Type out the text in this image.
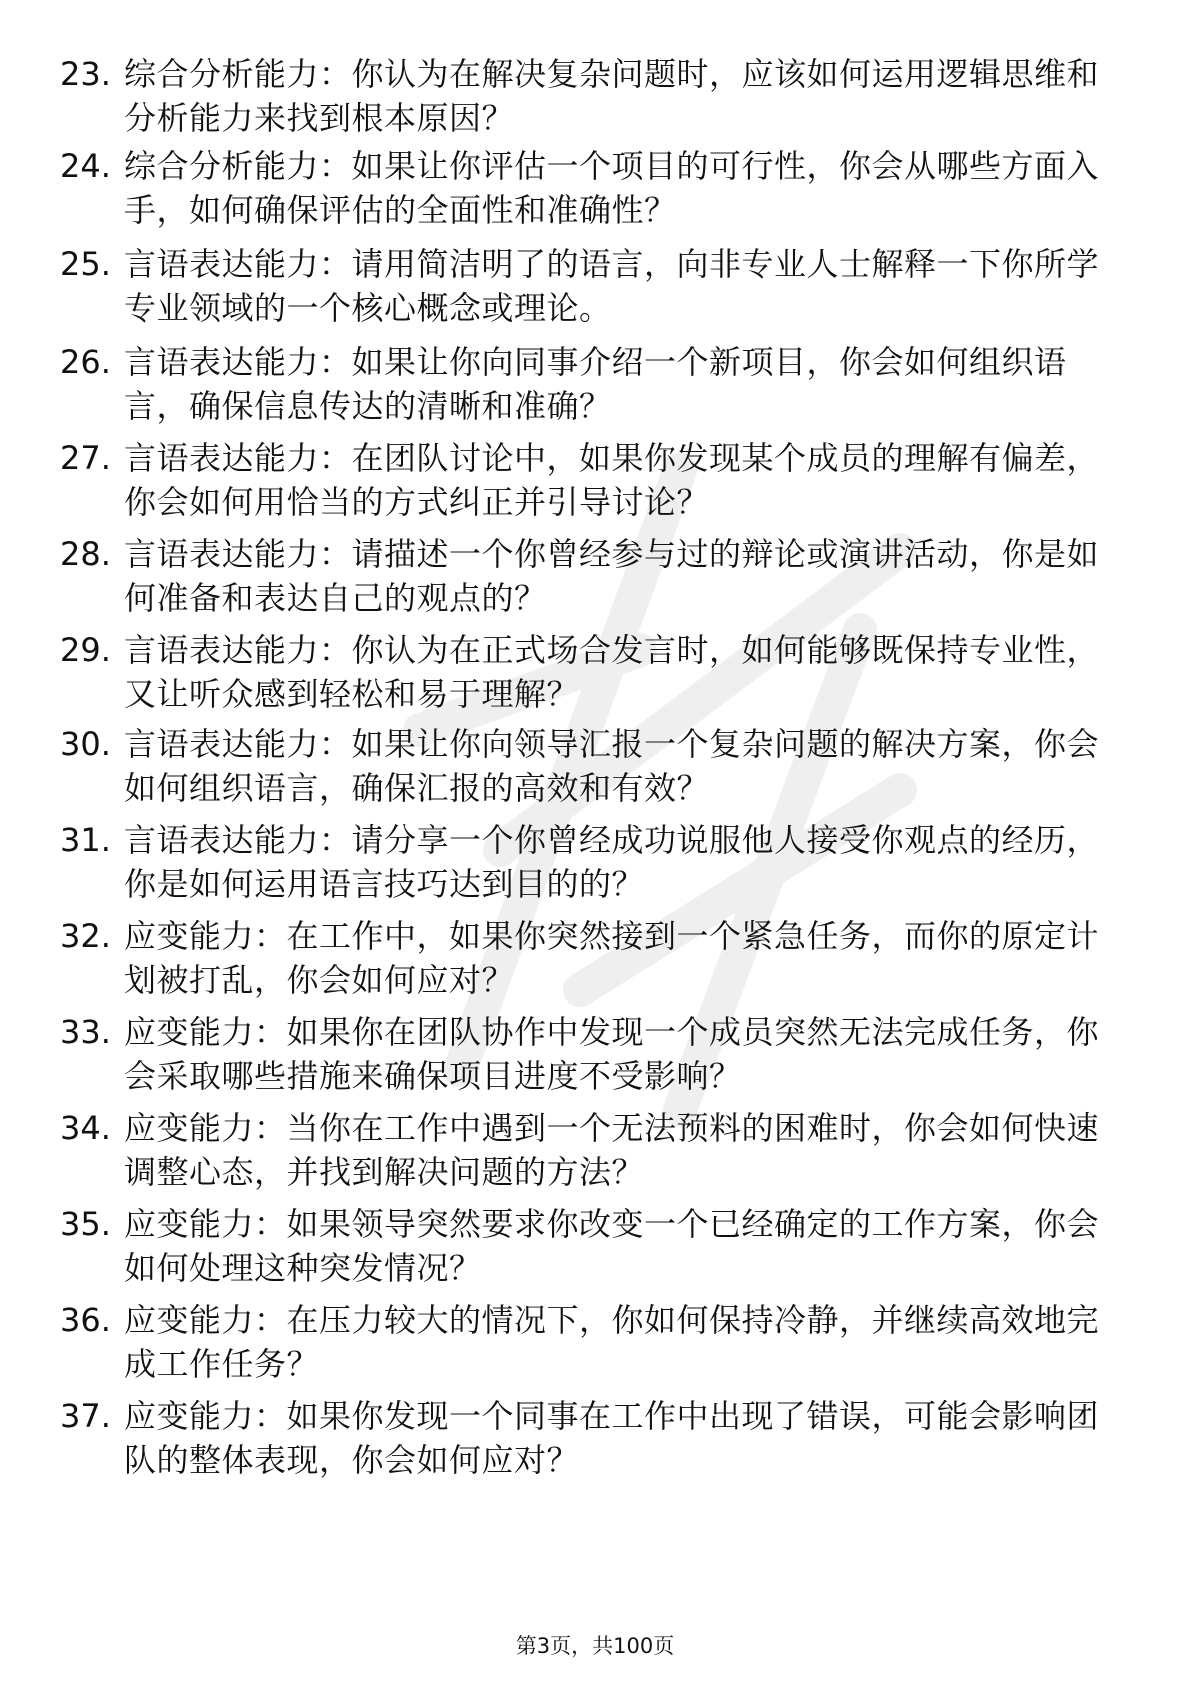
23. 综合分析能力：你认为在解决复杂问题时，应该如何运用逻辑思维和分析能力来找到根本原因？
24. 综合分析能力：如果让你评估一个项目的可行性，你会从哪些方面入手，如何确保评估的全面性和准确性？
25. 言语表达能力：请用简洁明了的语言，向非专业人士解释一下你所学专业领域的一个核心概念或理论。
26. 言语表达能力：如果让你向同事介绍一个新项目，你会如何组织语言，确保信息传达的清晰和准确？
27. 言语表达能力：在团队讨论中，如果你发现某个成员的理解有偏差，你会如何用恰当的方式纠正并引导讨论？
28. 言语表达能力：请描述一个你曾经参与过的辩论或演讲活动，你是如何准备和表达自己的观点的？
29. 言语表达能力：你认为在正式场合发言时，如何能够既保持专业性，又让听众感到轻松和易于理解？
30. 言语表达能力：如果让你向领导汇报一个复杂问题的解决方案，你会如何组织语言，确保汇报的高效和有效？
31. 言语表达能力：请分享一个你曾经成功说服他人接受你观点的经历，你是如何运用语言技巧达到目的的？
32. 应变能力：在工作中，如果你突然接到一个紧急任务，而你的原定计划被打乱，你会如何应对？
33. 应变能力：如果你在团队协作中发现一个成员突然无法完成任务，你会采取哪些措施来确保项目进度不受影响？
34. 应变能力：当你在工作中遇到一个无法预料的困难时，你会如何快速调整心态，并找到解决问题的方法？
35. 应变能力：如果领导突然要求你改变一个已经确定的工作方案，你会如何处理这种突发情况？
36. 应变能力：在压力较大的情况下，你如何保持冷静，并继续高效地完成工作任务？
37. 应变能力：如果你发现一个同事在工作中出现了错误，可能会影响团队的整体表现，你会如何应对？
第3页，共100页
